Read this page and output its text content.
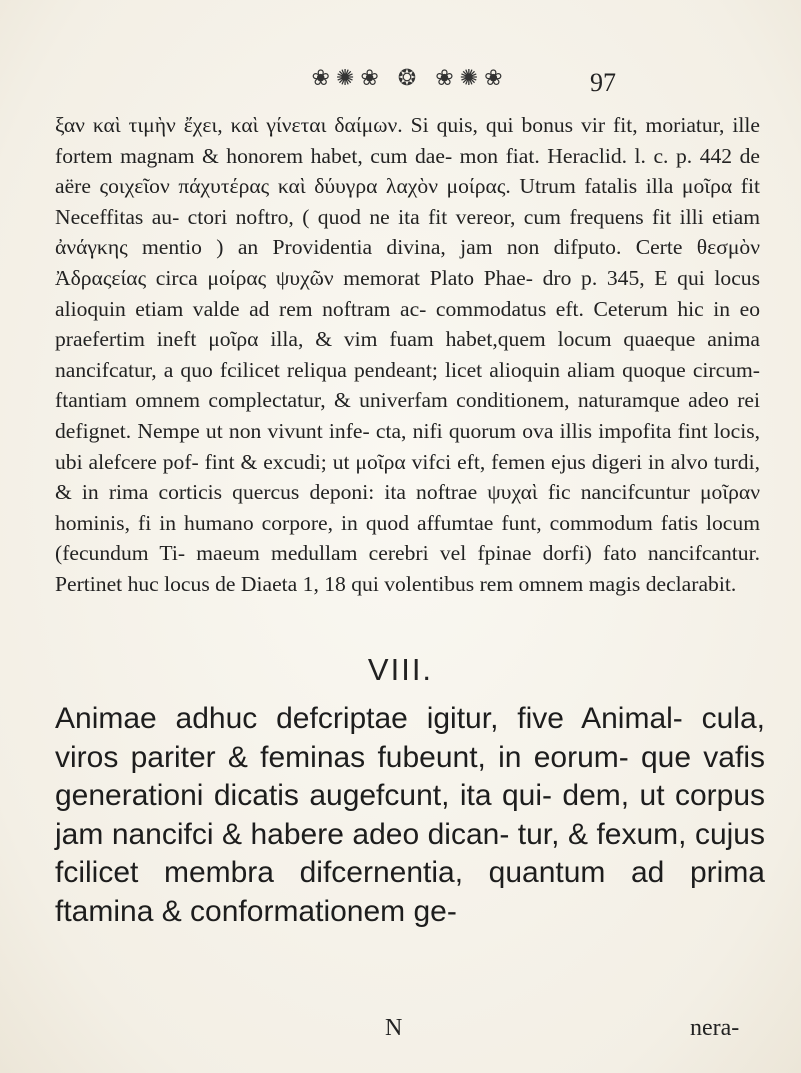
❀✺❀ ❂ ❀✺❀	97

ξαν καὶ τιμὴν ἔχει, καὶ γίνεται δαίμων. Si quis, qui bonus vir fit, moriatur, ille fortem magnam & honorem habet, cum dae- mon fiat. Heraclid. l. c. p. 442 de aëre ςοιχεῖον πάχυτέρας καὶ δύυγρα λαχὸν μοίρας. Utrum fatalis illa μοῖρα fit Neceffitas au- ctori noftro, ( quod ne ita fit vereor, cum frequens fit illi etiam ἀνάγκης mentio ) an Providentia divina, jam non difputo. Certe θεσμὸν Ἀδραςείας circa μοίρας ψυχῶν memorat Plato Phae- dro p. 345, E qui locus alioquin etiam valde ad rem noftram ac- commodatus eft. Ceterum hic in eo praefertim ineft μοῖρα illa, & vim fuam habet,quem locum quaeque anima nancifcatur, a quo fcilicet reliqua pendeant; licet alioquin aliam quoque circum- ftantiam omnem complectatur, & univerfam conditionem, naturamque adeo rei defignet. Nempe ut non vivunt infe- cta, nifi quorum ova illis impofita fint locis, ubi alefcere pof- fint & excudi; ut μοῖρα vifci eft, femen ejus digeri in alvo turdi, & in rima corticis quercus deponi: ita noftrae ψυχαὶ fic nancifcuntur μοῖραν hominis, fi in humano corpore, in quod affumtae funt, commodum fatis locum (fecundum Ti- maeum medullam cerebri vel fpinae dorfi) fato nancifcantur. Pertinet huc locus de Diaeta 1, 18 qui volentibus rem omnem magis declarabit.

VIII.

Animae adhuc defcriptae igitur, five Animal- cula, viros pariter & feminas fubeunt, in eorum- que vafis generationi dicatis augefcunt, ita qui- dem, ut corpus jam nancifci & habere adeo dican- tur, & fexum, cujus fcilicet membra difcernentia, quantum ad prima ftamina & conformationem ge-

N	nera-
